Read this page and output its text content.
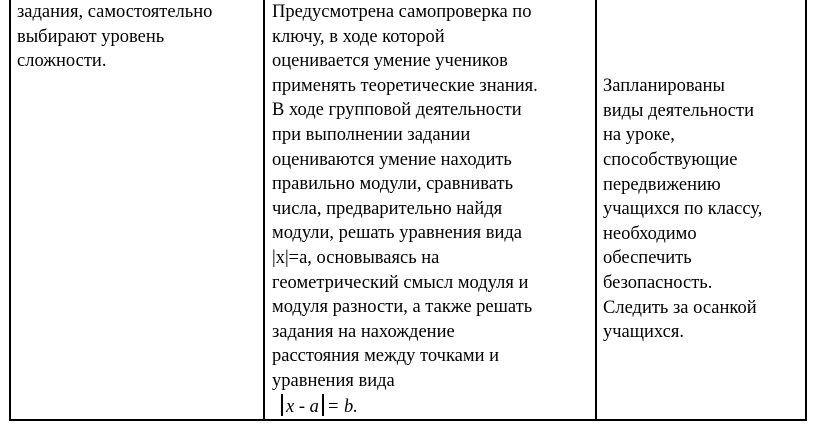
задания, самостоятельно
выбирают уровень
сложности.

Предусмотрена самопроверка по
ключу, в ходе которой
оценивается умение учеников
применять теоретические знания.
В ходе групповой деятельности
при выполнении задании
оцениваются умение находить
правильно модули, сравнивать
числа, предварительно найдя
модули, решать уравнения вида
|x|=a, основываясь на
геометрический смысл модуля и
модуля разности, а также решать
задания на нахождение
расстояния между точками и
уравнения вида
x - a = b.

Запланированы
виды деятельности
на уроке,
способствующие
передвижению
учащихся по классу,
необходимо
обеспечить
безопасность.
Следить за осанкой
учащихся.
